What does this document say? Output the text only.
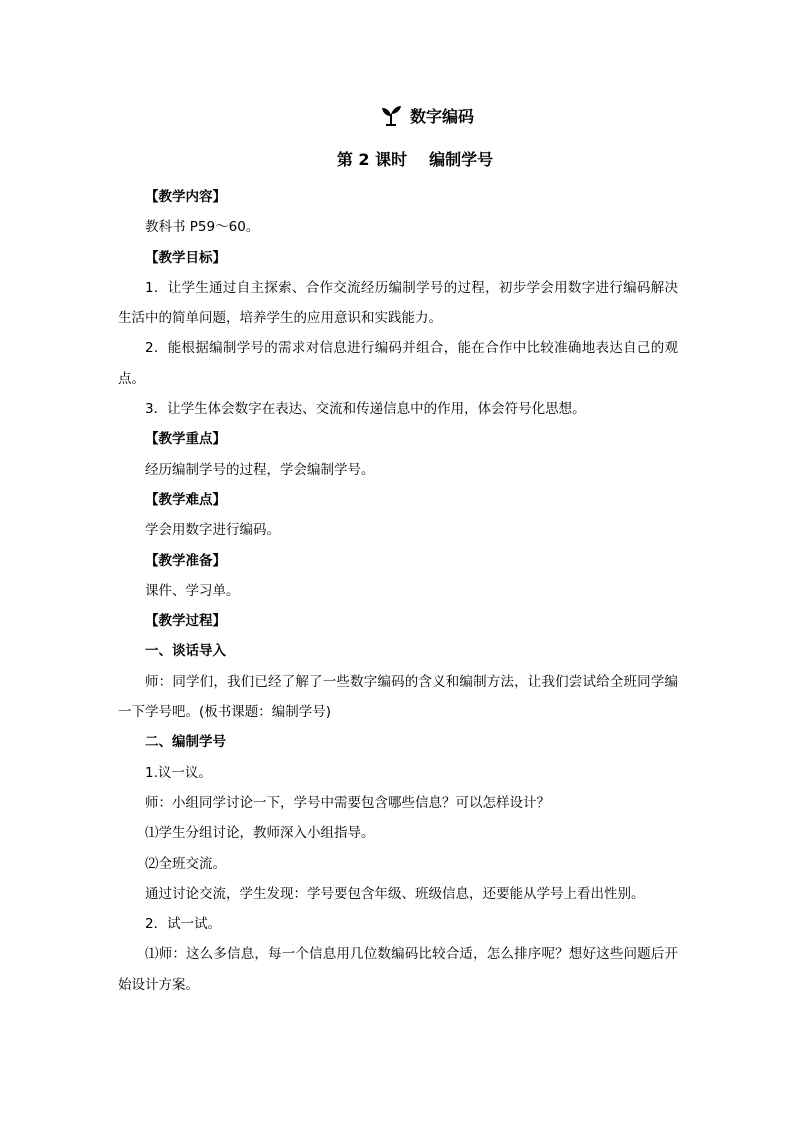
数字编码
第 2 课时 编制学号

【教学内容】

教科书 P59～60。

【教学目标】

1．让学生通过自主探索、合作交流经历编制学号的过程，初步学会用数字进行编码解决生活中的简单问题，培养学生的应用意识和实践能力。

2．能根据编制学号的需求对信息进行编码并组合，能在合作中比较准确地表达自己的观点。

3．让学生体会数字在表达、交流和传递信息中的作用，体会符号化思想。

【教学重点】

经历编制学号的过程，学会编制学号。

【教学难点】

学会用数字进行编码。

【教学准备】

课件、学习单。

【教学过程】

一、谈话导入

师：同学们，我们已经了解了一些数字编码的含义和编制方法，让我们尝试给全班同学编一下学号吧。(板书课题：编制学号)

二、编制学号

1.议一议。

师：小组同学讨论一下，学号中需要包含哪些信息？可以怎样设计？

⑴学生分组讨论，教师深入小组指导。

⑵全班交流。

通过讨论交流，学生发现：学号要包含年级、班级信息，还要能从学号上看出性别。

2．试一试。

⑴师：这么多信息，每一个信息用几位数编码比较合适，怎么排序呢？想好这些问题后开始设计方案。
